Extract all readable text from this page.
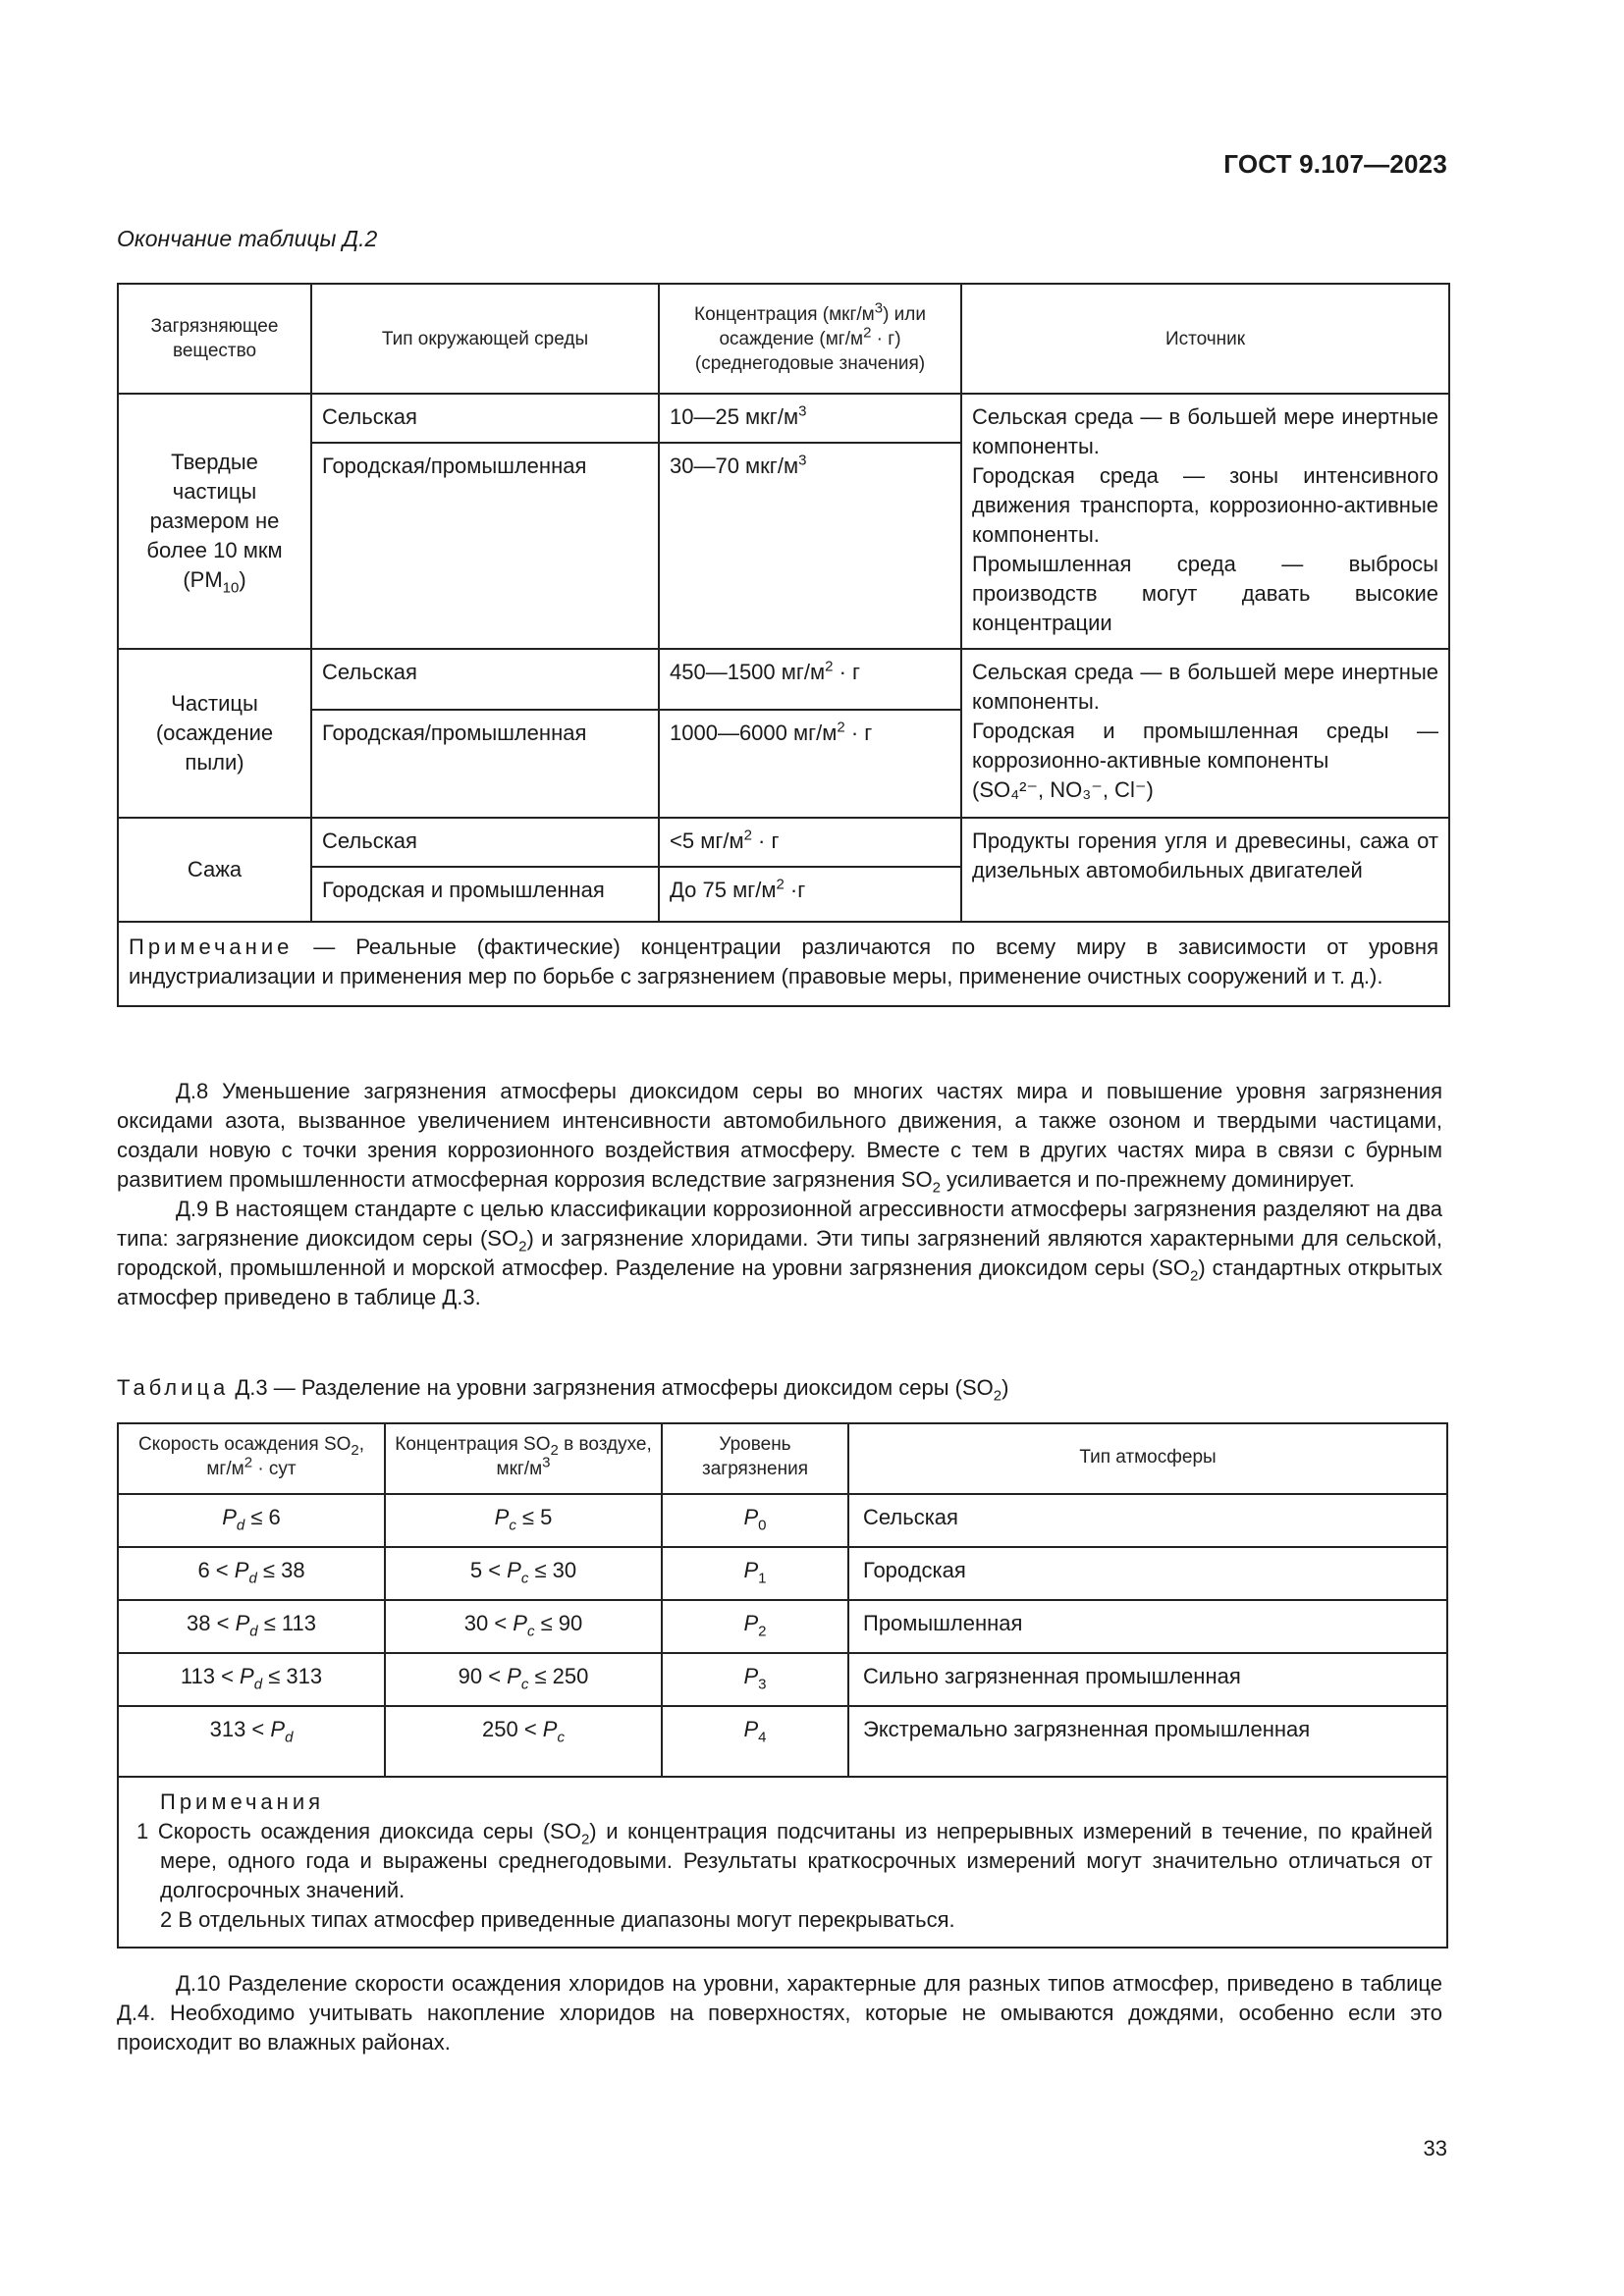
ГОСТ 9.107—2023
Окончание таблицы Д.2
Загрязняющее вещество	Тип окружающей среды	Концентрация $(мкг/м^3)$ или осаждение $(мг/м^2 \cdot г)$ (среднегодовые значения)	Источник
Твердые частицы размером не более 10 мкм $(PM_{10})$	Сельская	10—25 мкг/$м^3$	Сельская среда — в большей мере инертные компоненты.
Городская среда — зоны интенсивного движения транспорта, коррозионно-активные компоненты.
Промышленная среда — выбросы производств могут давать высокие концентрации

	Городская/промышленная	30—70 мкг/$м^3$
Частицы (осаждение пыли)	Сельская	450—1500 $мг/м^2 \cdot г$	Сельская среда — в большей мере инертные компоненты.
Городская и промышленная среды — коррозионно-активные компоненты
(SO₄²⁻, NO₃⁻, Cl⁻)

	Городская/промышленная	1000—6000 $мг/м^2 \cdot г$	
Сажа	Сельская	<5 $мг/м^2 \cdot г$	Продукты горения угля и древесины, сажа от дизельных автомобильных двигателей
	Городская и промышленная	До 75 $мг/м^2 \cdot г$	
Примечание — Реальные (фактические) концентрации различаются по всему миру в зависимости от уровня индустриализации и применения мер по борьбе с загрязнением (правовые меры, применение очистных сооружений и т. д.).			

Д.8 Уменьшение загрязнения атмосферы диоксидом серы во многих частях мира и повышение уровня загрязнения оксидами азота, вызванное увеличением интенсивности автомобильного движения, а также озоном и твердыми частицами, создали новую с точки зрения коррозионного воздействия атмосферу. Вместе с тем в других частях мира в связи с бурным развитием промышленности атмосферная коррозия вследствие загрязнения $SO_2$ усиливается и по-прежнему доминирует.

Д.9 В настоящем стандарте с целью классификации коррозионной агрессивности атмосферы загрязнения разделяют на два типа: загрязнение диоксидом серы $(SO_2)$ и загрязнение хлоридами. Эти типы загрязнений являются характерными для сельской, городской, промышленной и морской атмосфер. Разделение на уровни загрязнения диоксидом серы $(SO_2)$ стандартных открытых атмосфер приведено в таблице Д.3.

Таблица Д.3 — Разделение на уровни загрязнения атмосферы диоксидом серы $(SO_2)$
Скорость осаждения $SO_2$, $мг/м^2$ · сут	Концентрация $SO_2$ в воздухе, мкг/$м^3$	Уровень загрязнения	Тип атмосферы
$P_d \le 6$	$P_c \le 5$	$P_0$	Сельская
$6 < P_d \le 38$	$5 < P_c \le 30$	$P_1$	Городская
$38 < P_d \le 113$	$30 < P_c \le 90$	$P_2$	Промышленная
$113 < P_d \le 313$	$90 < P_c \le 250$	$P_3$	Сильно загрязненная промышленная
$313 < P_d$	$250 < P_c$	$P_4$	Экстремально загрязненная промышленная

Примечания
1 Скорость осаждения диоксида серы $(SO_2)$ и концентрация подсчитаны из непрерывных измерений в течение, по крайней мере, одного года и выражены среднегодовыми. Результаты краткосрочных измерений могут значительно отличаться от долгосрочных значений.
2 В отдельных типах атмосфер приведенные диапазоны могут перекрываться.			

Д.10 Разделение скорости осаждения хлоридов на уровни, характерные для разных типов атмосфер, приведено в таблице Д.4. Необходимо учитывать накопление хлоридов на поверхностях, которые не омываются дождями, особенно если это происходит во влажных районах.

33
